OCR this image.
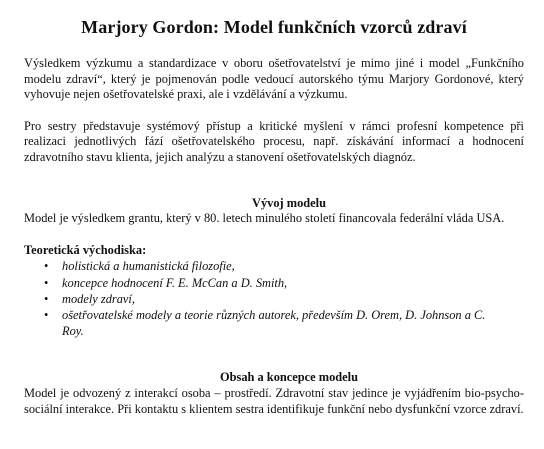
Marjory Gordon: Model funkčních vzorců zdraví

Výsledkem výzkumu a standardizace v oboru ošetřovatelství je mimo jiné i model „Funkčního modelu zdraví“, který je pojmenován podle vedoucí autorského týmu Marjory Gordonové, který vyhovuje nejen ošetřovatelské praxi, ale i vzdělávání a výzkumu.

Pro sestry představuje systémový přístup a kritické myšlení v rámci profesní kompetence při realizaci jednotlivých fází ošetřovatelského procesu, např. získávání informací a hodnocení zdravotního stavu klienta, jejich analýzu a stanovení ošetřovatelských diagnóz.

Vývoj modelu

Model je výsledkem grantu, který v 80. letech minulého století financovala federální vláda USA.

Teoretická východiska:
• holistická a humanistická filozofie,
• koncepce hodnocení F. E. McCan a D. Smith,
• modely zdraví,
• ošetřovatelské modely a teorie různých autorek, především D. Orem, D. Johnson a C. Roy.
Obsah a koncepce modelu

Model je odvozený z interakcí osoba – prostředí. Zdravotní stav jedince je vyjádřením bio-psycho-sociální interakce. Při kontaktu s klientem sestra identifikuje funkční nebo dysfunkční vzorce zdraví.
